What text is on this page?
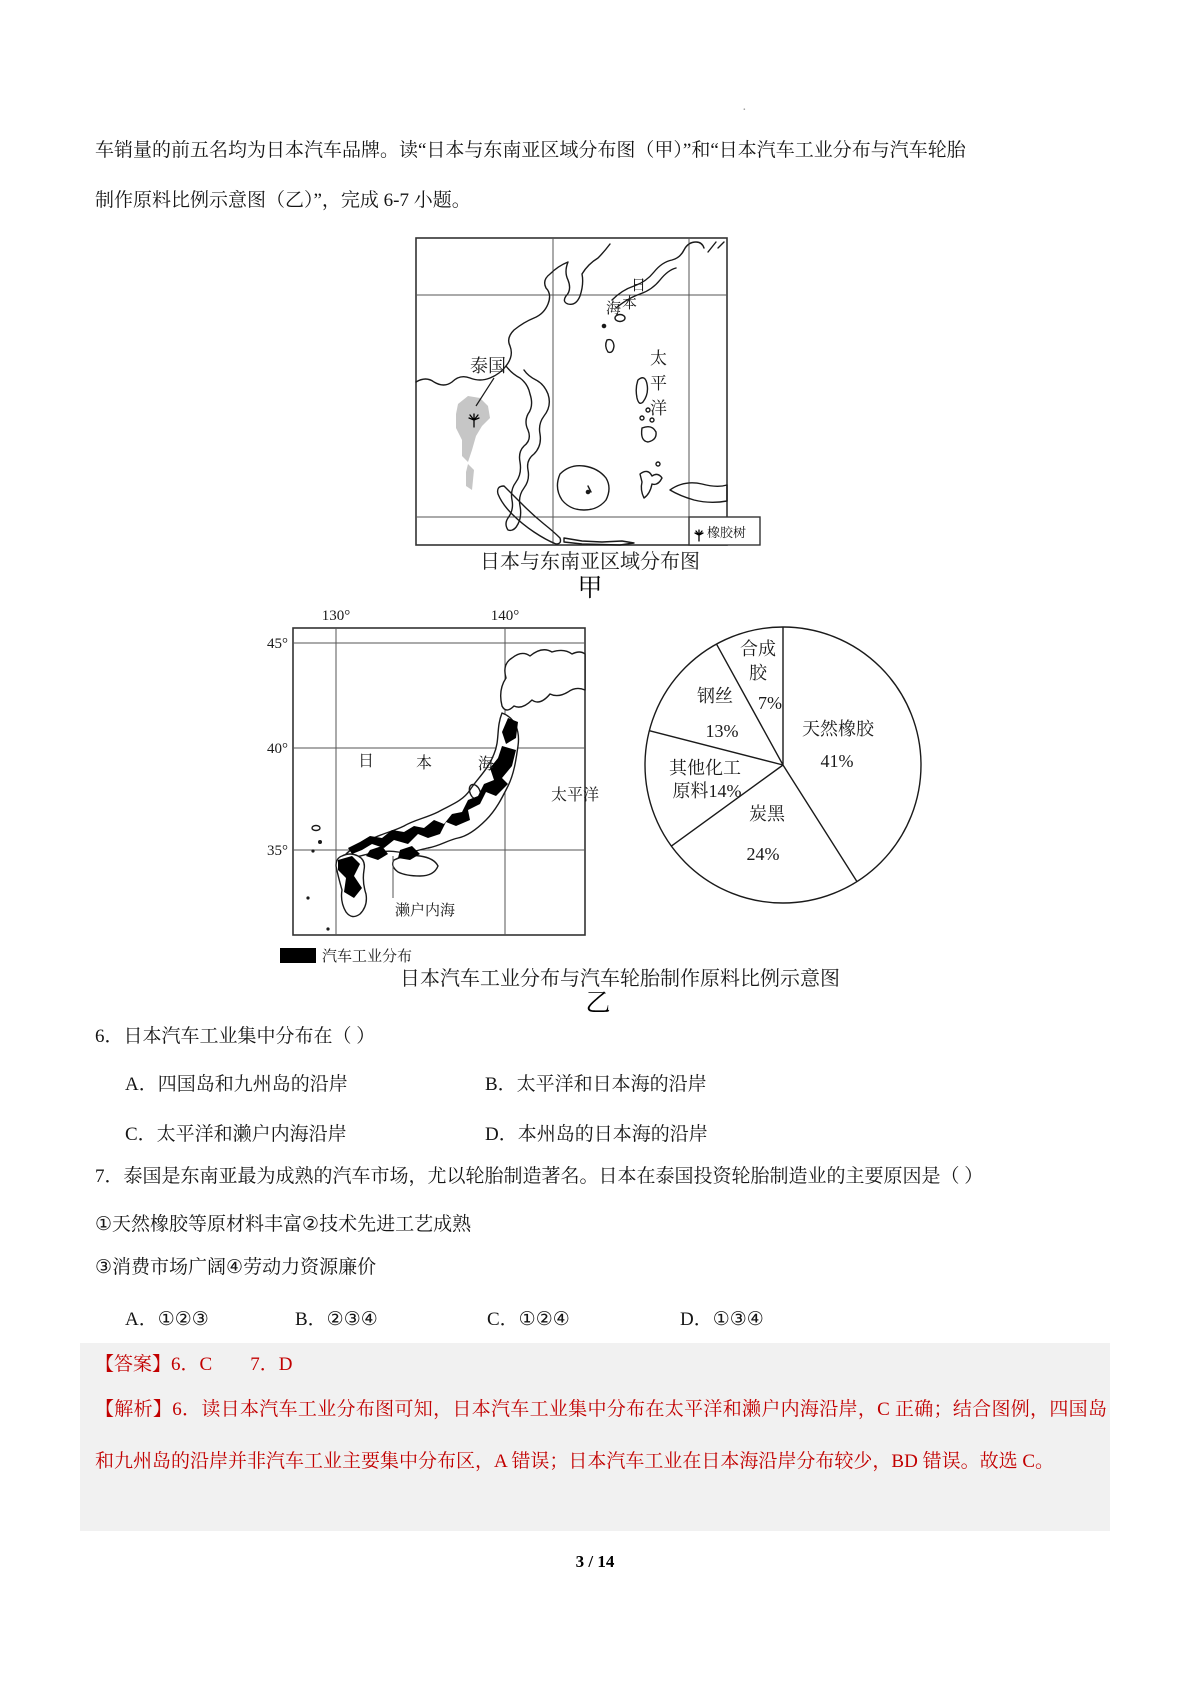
·
车销量的前五名均为日本汽车品牌。读“日本与东南亚区域分布图（甲）”和“日本汽车工业分布与汽车轮胎
制作原料比例示意图（乙）”，完成 6-7 小题。
泰国
日
本
海
太
平
洋
橡胶树
日本与东南亚区域分布图
甲
130°	140°
45°
40°
35°
日	本	海
太平洋
濑户内海
汽车工业分布
合成
胶
7%
钢丝
13%
其他化工
原料14%
炭黑
24%
天然橡胶
41%
日本汽车工业分布与汽车轮胎制作原料比例示意图
乙
6．日本汽车工业集中分布在（ ）
A．四国岛和九州岛的沿岸	B．太平洋和日本海的沿岸
C．太平洋和濑户内海沿岸	D．本州岛的日本海的沿岸
7．泰国是东南亚最为成熟的汽车市场，尤以轮胎制造著名。日本在泰国投资轮胎制造业的主要原因是（ ）
①天然橡胶等原材料丰富②技术先进工艺成熟
③消费市场广阔④劳动力资源廉价
A．①②③	B．②③④	C．①②④	D．①③④
【答案】6．C　　7．D
【解析】6．读日本汽车工业分布图可知，日本汽车工业集中分布在太平洋和濑户内海沿岸，C 正确；结合图例，四国岛和九州岛的沿岸并非汽车工业主要集中分布区，A 错误；日本汽车工业在日本海沿岸分布较少，BD 错误。故选 C。
3 / 14
